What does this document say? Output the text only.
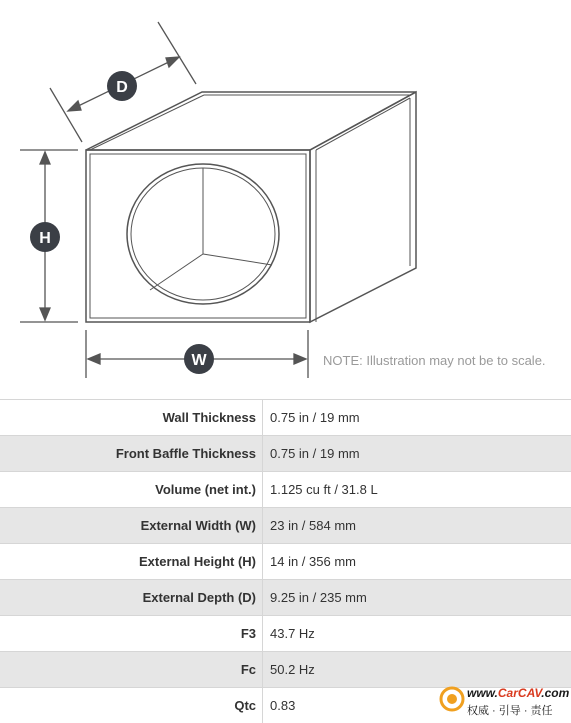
D
H
W	NOTE: Illustration may not be to scale.
Wall Thickness	0.75 in / 19 mm
Front Baffle Thickness	0.75 in / 19 mm
Volume (net int.)	1.125 cu ft / 31.8 L
External Width (W)	23 in / 584 mm
External Height (H)	14 in / 356 mm
External Depth (D)	9.25 in / 235 mm
F3	43.7 Hz
Fc	50.2 Hz
Qtc	0.83
www.CarCAV.com
权威 · 引导 · 责任
